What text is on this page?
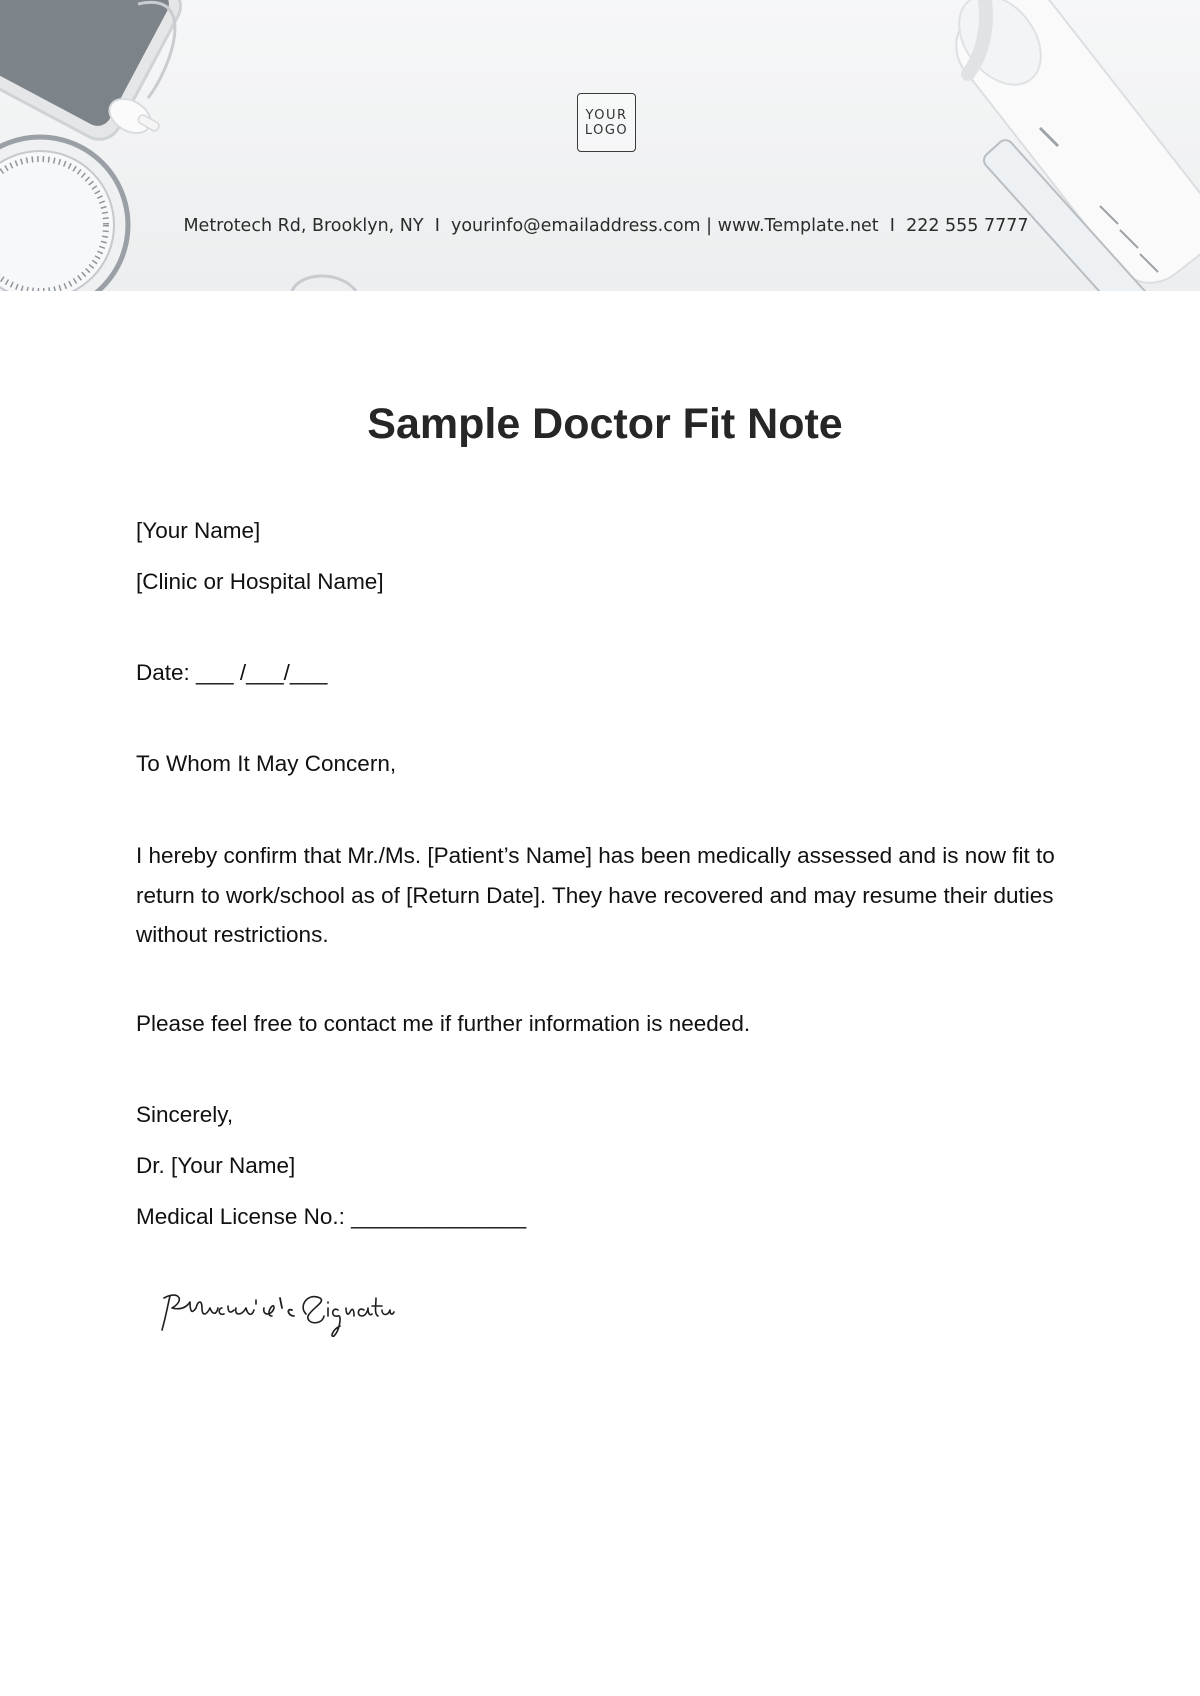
YOUR
LOGO
Metrotech Rd, Brooklyn, NY  I  yourinfo@emailaddress.com | www.Template.net  I  222 555 7777
Sample Doctor Fit Note
[Your Name]
[Clinic or Hospital Name]
Date: ___ /___/___
To Whom It May Concern,
I hereby confirm that Mr./Ms. [Patient’s Name] has been medically assessed and is now fit to return to work/school as of [Return Date]. They have recovered and may resume their duties without restrictions.
Please feel free to contact me if further information is needed.
Sincerely,
Dr. [Your Name]
Medical License No.: ______________
